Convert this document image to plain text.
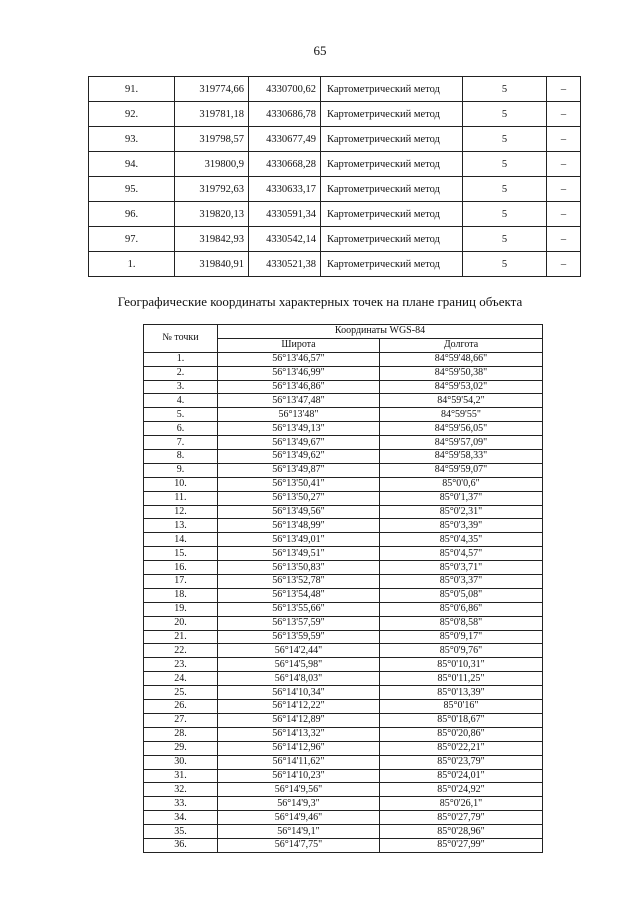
65
91.	319774,66	4330700,62	Картометрический метод	5	–
92.	319781,18	4330686,78	Картометрический метод	5	–
93.	319798,57	4330677,49	Картометрический метод	5	–
94.	319800,9	4330668,28	Картометрический метод	5	–
95.	319792,63	4330633,17	Картометрический метод	5	–
96.	319820,13	4330591,34	Картометрический метод	5	–
97.	319842,93	4330542,14	Картометрический метод	5	–
1.	319840,91	4330521,38	Картометрический метод	5	–
Географические координаты характерных точек на плане границ объекта
№ точки	Координаты WGS-84	
	Широта	Долгота
1.	56°13'46,57"	84°59'48,66"
2.	56°13'46,99"	84°59'50,38"
3.	56°13'46,86"	84°59'53,02"
4.	56°13'47,48"	84°59'54,2"
5.	56°13'48"	84°59'55"
6.	56°13'49,13"	84°59'56,05"
7.	56°13'49,67"	84°59'57,09"
8.	56°13'49,62"	84°59'58,33"
9.	56°13'49,87"	84°59'59,07"
10.	56°13'50,41"	85°0'0,6"
11.	56°13'50,27"	85°0'1,37"
12.	56°13'49,56"	85°0'2,31"
13.	56°13'48,99"	85°0'3,39"
14.	56°13'49,01"	85°0'4,35"
15.	56°13'49,51"	85°0'4,57"
16.	56°13'50,83"	85°0'3,71"
17.	56°13'52,78"	85°0'3,37"
18.	56°13'54,48"	85°0'5,08"
19.	56°13'55,66"	85°0'6,86"
20.	56°13'57,59"	85°0'8,58"
21.	56°13'59,59"	85°0'9,17"
22.	56°14'2,44"	85°0'9,76"
23.	56°14'5,98"	85°0'10,31"
24.	56°14'8,03"	85°0'11,25"
25.	56°14'10,34"	85°0'13,39"
26.	56°14'12,22"	85°0'16"
27.	56°14'12,89"	85°0'18,67"
28.	56°14'13,32"	85°0'20,86"
29.	56°14'12,96"	85°0'22,21"
30.	56°14'11,62"	85°0'23,79"
31.	56°14'10,23"	85°0'24,01"
32.	56°14'9,56"	85°0'24,92"
33.	56°14'9,3"	85°0'26,1"
34.	56°14'9,46"	85°0'27,79"
35.	56°14'9,1"	85°0'28,96"
36.	56°14'7,75"	85°0'27,99"
